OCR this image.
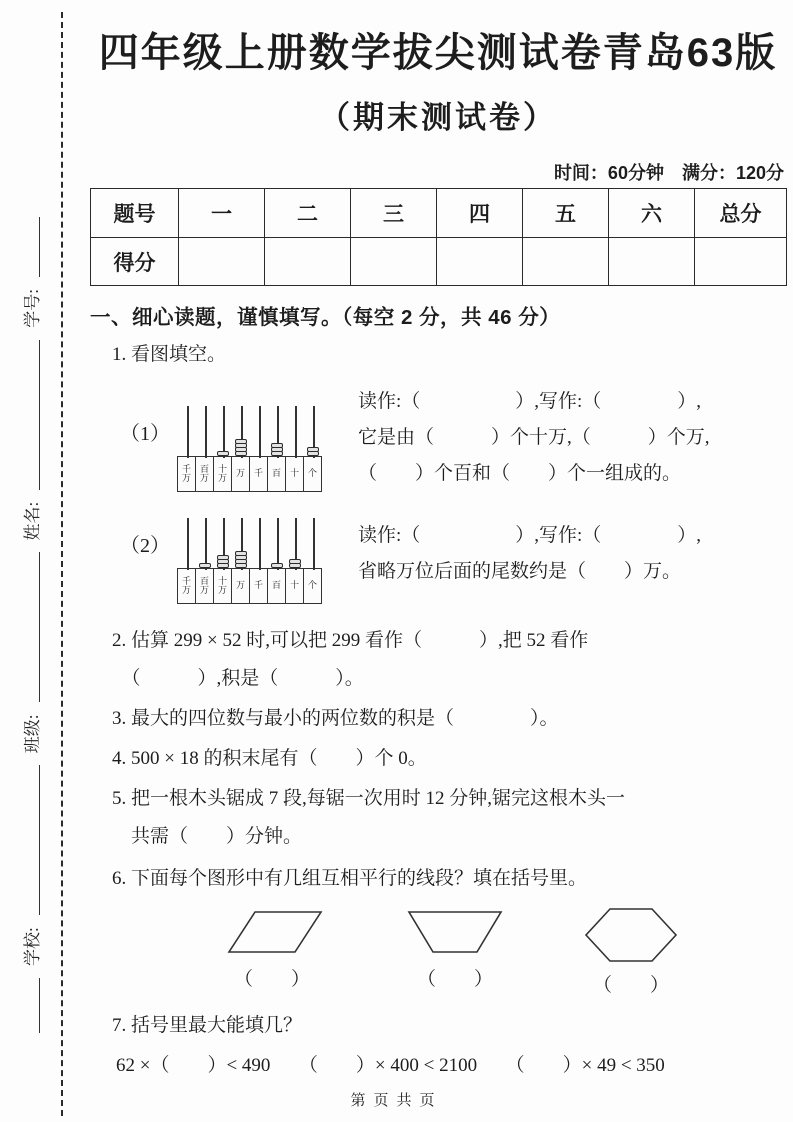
学号:
姓名:
班级:
学校:
四年级上册数学拔尖测试卷青岛63版
（期末测试卷）
时间：60分钟　满分：120分
题号	一	二	三	四	五	六	总分
得分							
一、细心读题，谨慎填写。（每空 2 分，共 46 分）
1. 看图填空。
（1）
千万
百万
十万 万 千 百 十 个
读作:（　　　　　）,写作:（　　　　）,
它是由（　　　）个十万,（　　　）个万,
（　　）个百和（　　）个一组成的。
（2）
千万
百万
十万 万 千 百 十 个
读作:（　　　　　）,写作:（　　　　）,
省略万位后面的尾数约是（　　）万。
2. 估算 299 × 52 时,可以把 299 看作（　　　）,把 52 看作
　（　　　）,积是（　　　）。
3. 最大的四位数与最小的两位数的积是（　　　　）。
4. 500 × 18 的积末尾有（　　）个 0。
5. 把一根木头锯成 7 段,每锯一次用时 12 分钟,锯完这根木头一
　共需（　　）分钟。
6. 下面每个图形中有几组互相平行的线段？填在括号里。
（　　）	（　　）	（　　）
7. 括号里最大能填几？
62 ×（　　）< 490　　（　　）× 400 < 2100　　（　　）× 49 < 350
第页共页
